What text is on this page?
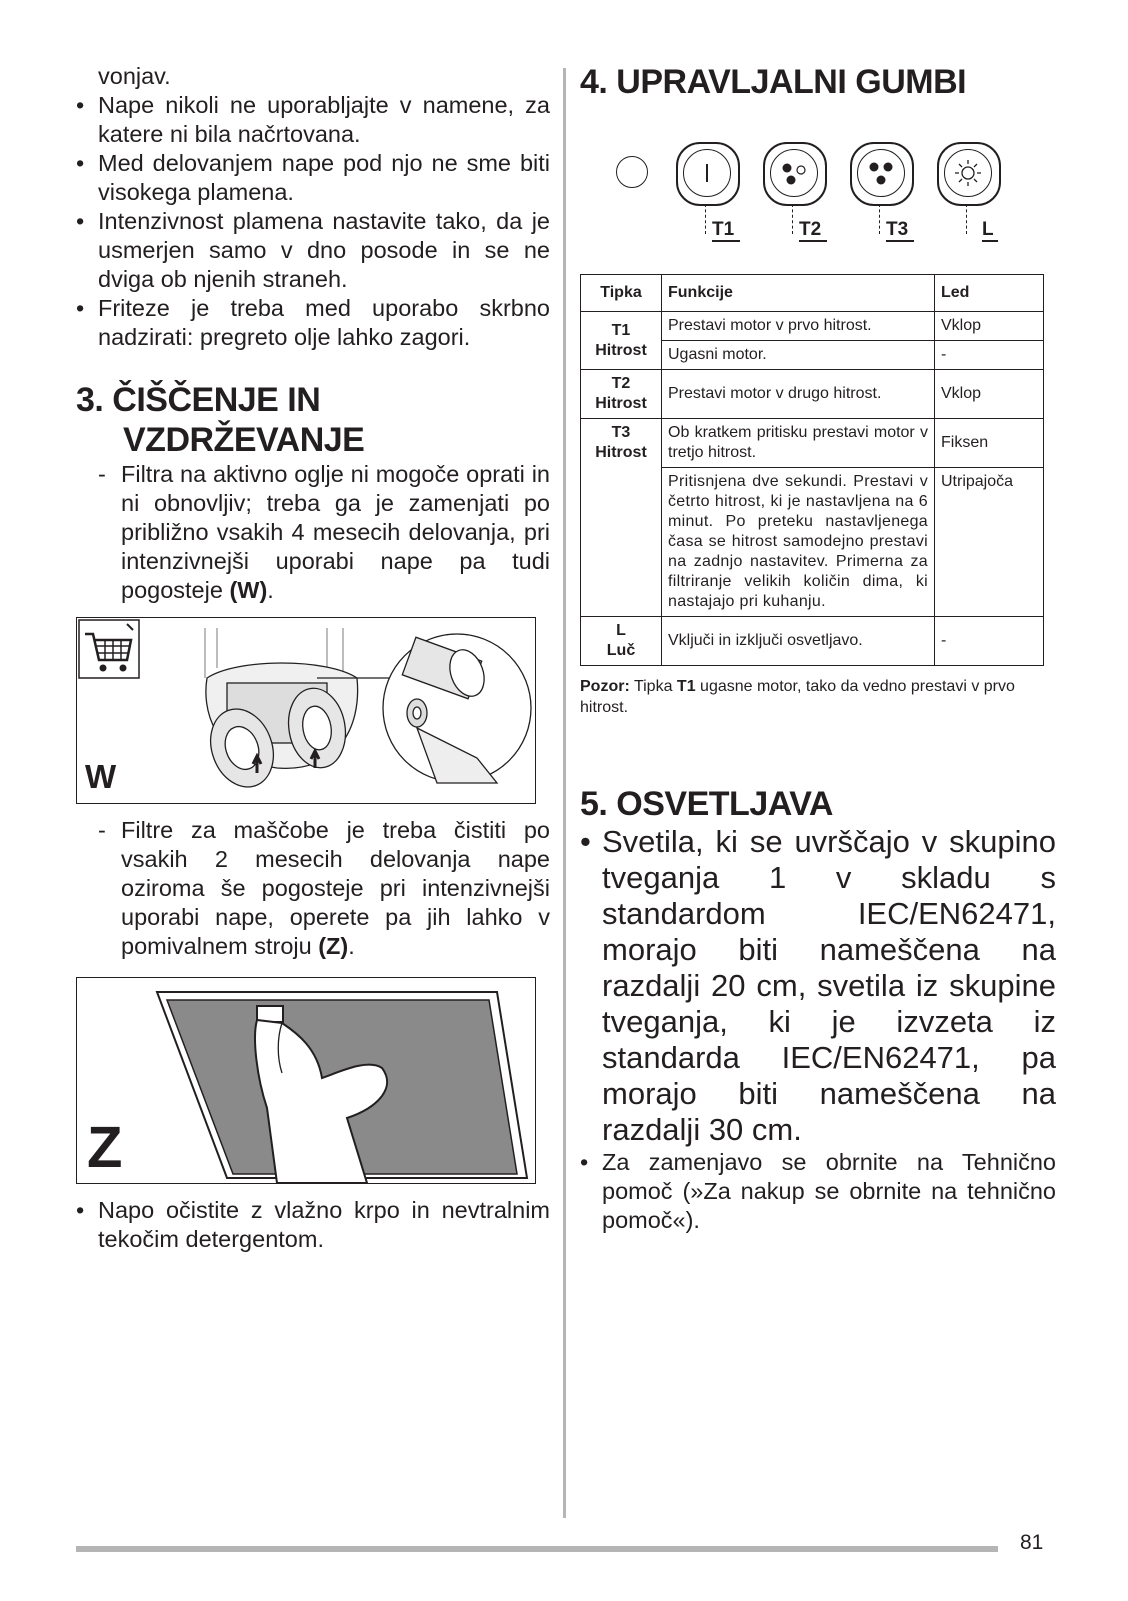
vonjav.
• Nape nikoli ne uporabljajte v namene, za katere ni bila načrtovana.
• Med delovanjem nape pod njo ne sme biti visokega plamena.
• Intenzivnost plamena nastavite tako, da je usmerjen samo v dno posode in se ne dviga ob njenih straneh.
• Friteze je treba med uporabo skrbno nadzirati: pregreto olje lahko zagori.
3. ČIŠČENJE IN
VZDRŽEVANJE
- Filtra na aktivno oglje ni mogoče oprati in ni obnovljiv; treba ga je zamenjati po približno vsakih 4 mesecih delovanja, pri intenzivnejši uporabi nape pa tudi pogosteje (W).
W
- Filtre za maščobe je treba čistiti po vsakih 2 mesecih delovanja nape oziroma še pogosteje pri intenzivnejši uporabi nape, operete pa jih lahko v pomivalnem stroju (Z).
Z
• Napo očistite z vlažno krpo in nevtralnim tekočim detergentom.
4. UPRAVLJALNI GUMBI
T1	T2	T3	L
Tipka	Funkcije	Led

T1
Hitrost	Prestavi motor v prvo hitrost.	Vklop
	Ugasni motor.	-

T2
Hitrost	Prestavi motor v drugo hitrost.	Vklop

T3
Hitrost	Ob kratkem pritisku prestavi motor v tretjo hitrost.	Fiksen
	Pritisnjena dve sekundi. Prestavi v četrto hitrost, ki je nastavljena na 6 minut. Po preteku nastavljenega časa se hitrost samodejno prestavi na zadnjo nastavitev. Primerna za filtriranje velikih količin dima, ki nastajajo pri kuhanju.	Utripajoča

L
Luč	Vključi in izključi osvetljavo.	-
Pozor: Tipka T1 ugasne motor, tako da vedno prestavi v prvo hitrost.
5. OSVETLJAVA
• Svetila, ki se uvrščajo v skupino tveganja 1 v skladu s standardom IEC/EN62471, morajo biti nameščena na razdalji 20 cm, svetila iz skupine tveganja, ki je izvzeta iz standarda IEC/EN62471, pa morajo biti nameščena na razdalji 30 cm.
• Za zamenjavo se obrnite na Tehnično pomoč (»Za nakup se obrnite na tehnično pomoč«).
81
